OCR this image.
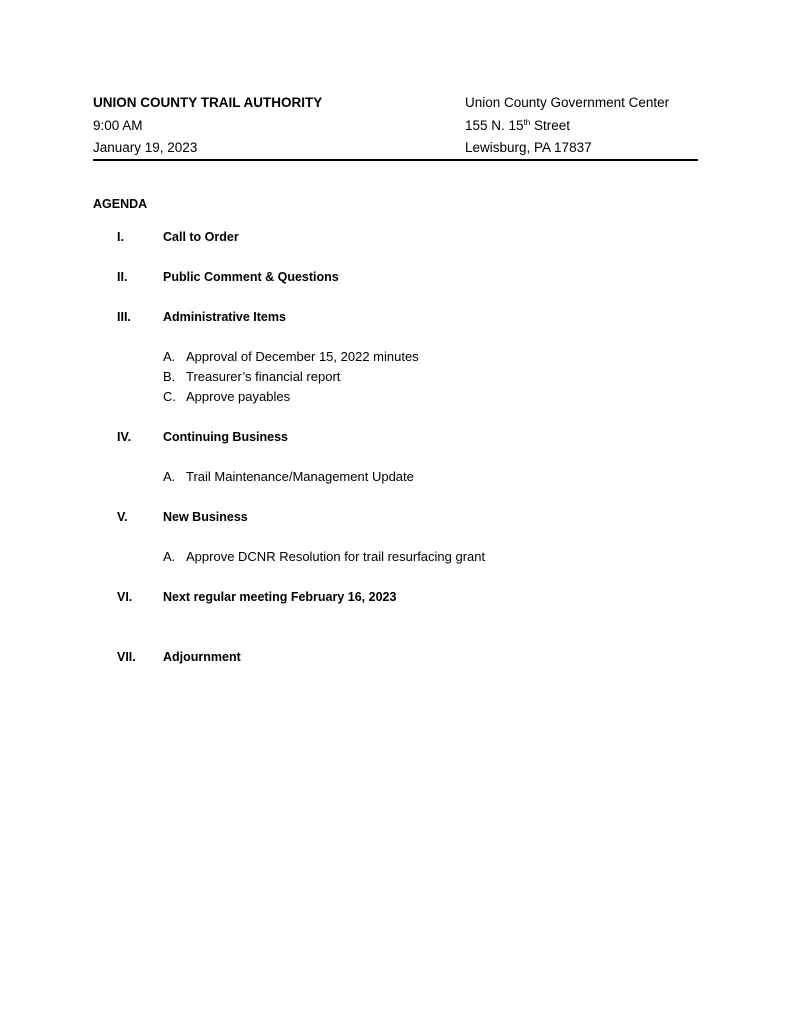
UNION COUNTY TRAIL AUTHORITY
9:00 AM
January 19, 2023
Union County Government Center
155 N. 15th Street
Lewisburg, PA 17837
AGENDA
I.	Call to Order
II.	Public Comment & Questions
III.	Administrative Items
A. Approval of December 15, 2022 minutes
B. Treasurer’s financial report
C. Approve payables
IV.	Continuing Business
A. Trail Maintenance/Management Update
V.	New Business
A. Approve DCNR Resolution for trail resurfacing grant
VI. Next regular meeting February 16, 2023
VII. Adjournment
